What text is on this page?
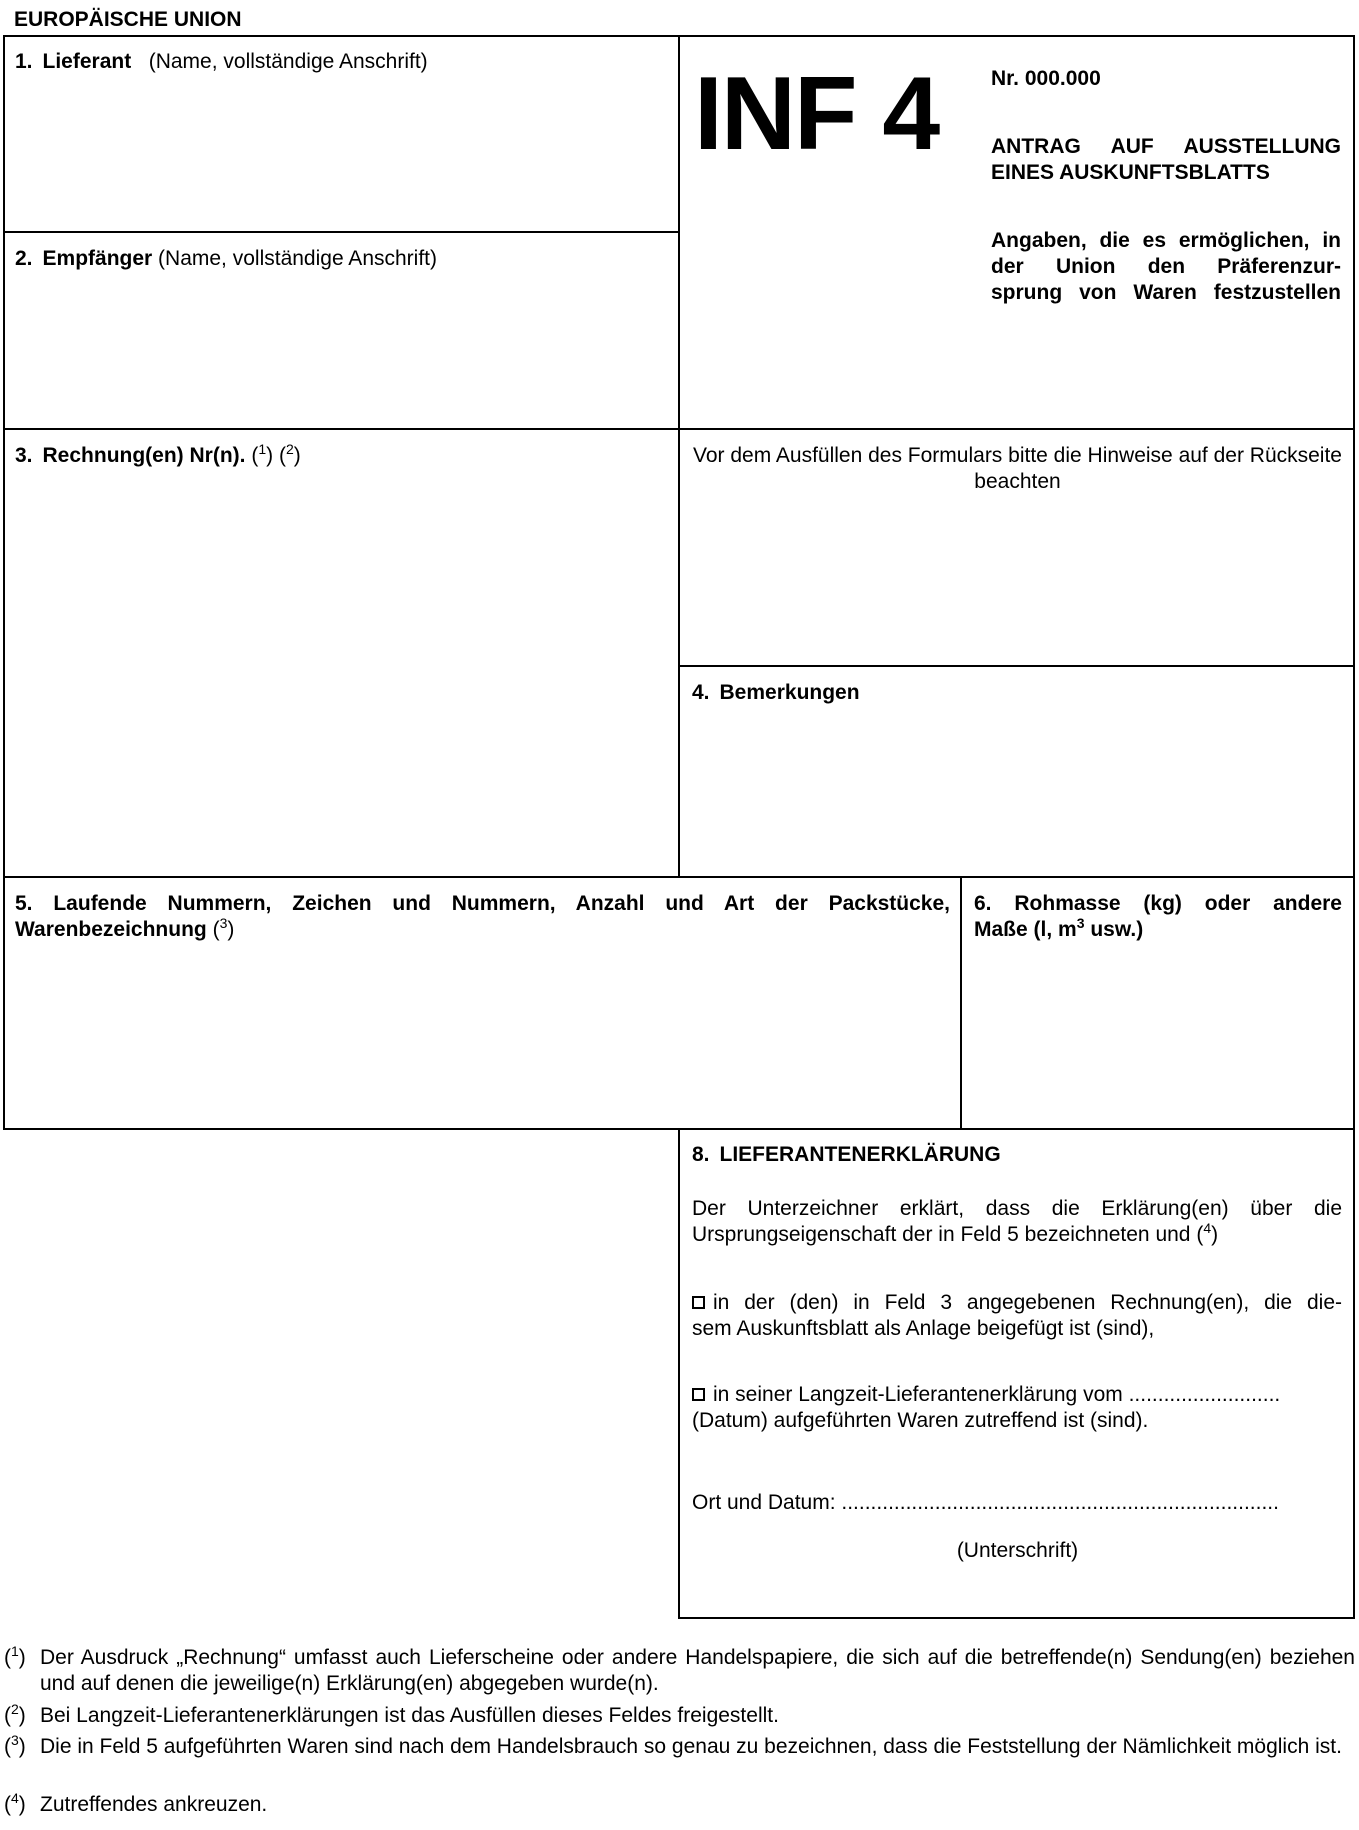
EUROPÄISCHE UNION
1. Lieferant (Name, vollständige Anschrift)
2. Empfänger (Name, vollständige Anschrift)
INF 4	Nr. 000.000
ANTRAG AUF AUSSTELLUNG
EINES AUSKUNFTSBLATTS
Angaben, die es ermöglichen, in
der Union den Präferenzur-
sprung von Waren festzustellen
3. Rechnung(en) Nr(n). ($^1$) ($^2$)	Vor dem Ausfüllen des Formulars bitte die Hinweise auf der Rückseite beachten
4. Bemerkungen
5. Laufende Nummern, Zeichen und Nummern, Anzahl und Art der Packstücke,
Warenbezeichnung ($^3$)
6. Rohmasse (kg) oder andere
Maße (l, $m^3$ usw.)
8. LIEFERANTENERKLÄRUNG
Der Unterzeichner erklärt, dass die Erklärung(en) über die
Ursprungseigenschaft der in Feld 5 bezeichneten und ($^4$)
in der (den) in Feld 3 angegebenen Rechnung(en), die die-
sem Auskunftsblatt als Anlage beigefügt ist (sind),
in seiner Langzeit-Lieferantenerklärung vom ..........................
(Datum) aufgeführten Waren zutreffend ist (sind).
Ort und Datum: ...........................................................................
(Unterschrift)
($^1$) Der Ausdruck „Rechnung“ umfasst auch Lieferscheine oder andere Handelspapiere, die sich auf die betreffende(n) Sendung(en) beziehen und auf denen die jeweilige(n) Erklärung(en) abgegeben wurde(n).
($^2$) Bei Langzeit-Lieferantenerklärungen ist das Ausfüllen dieses Feldes freigestellt.
($^3$) Die in Feld 5 aufgeführten Waren sind nach dem Handelsbrauch so genau zu bezeichnen, dass die Feststellung der Nämlichkeit möglich ist.
($^4$) Zutreffendes ankreuzen.
